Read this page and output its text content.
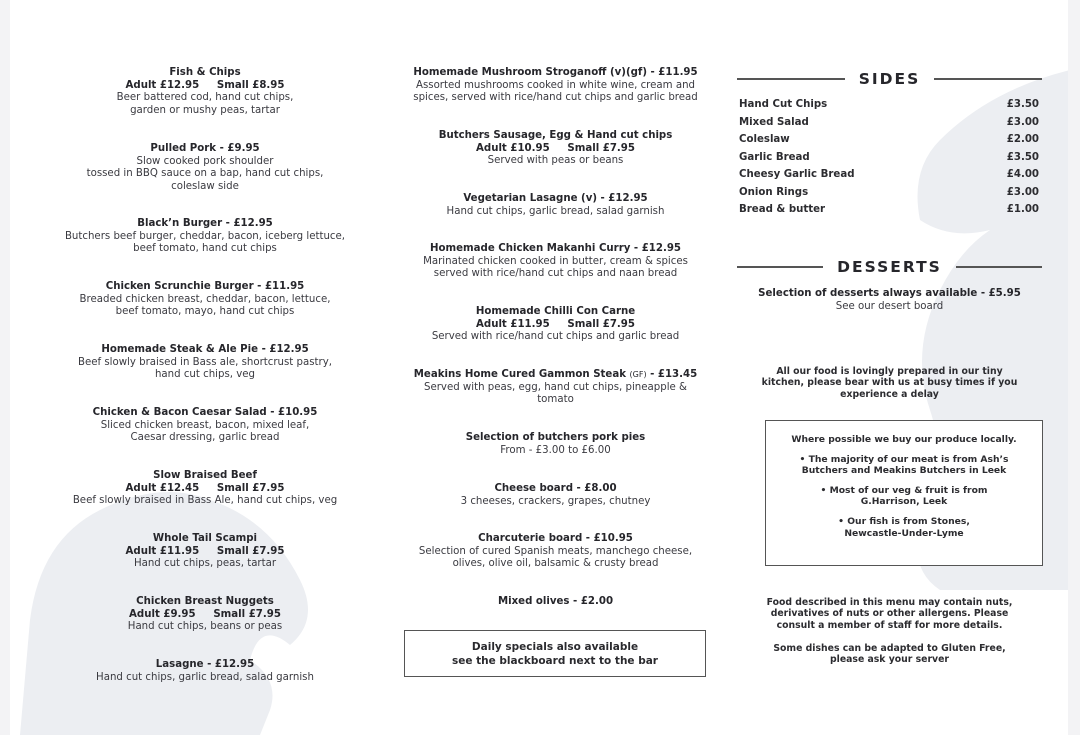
Fish & Chips
Adult £12.95     Small £8.95
Beer battered cod, hand cut chips,
garden or mushy peas, tartar
Pulled Pork - £9.95
Slow cooked pork shoulder
tossed in BBQ sauce on a bap, hand cut chips,
coleslaw side
Black’n Burger - £12.95
Butchers beef burger, cheddar, bacon, iceberg lettuce,
beef tomato, hand cut chips
Chicken Scrunchie Burger - £11.95
Breaded chicken breast, cheddar, bacon, lettuce,
beef tomato, mayo, hand cut chips
Homemade Steak & Ale Pie - £12.95
Beef slowly braised in Bass ale, shortcrust pastry,
hand cut chips, veg
Chicken & Bacon Caesar Salad - £10.95
Sliced chicken breast, bacon, mixed leaf,
Caesar dressing, garlic bread
Slow Braised Beef
Adult £12.45     Small £7.95
Beef slowly braised in Bass Ale, hand cut chips, veg
Whole Tail Scampi
Adult £11.95     Small £7.95
Hand cut chips, peas, tartar
Chicken Breast Nuggets
Adult £9.95     Small £7.95
Hand cut chips, beans or peas
Lasagne - £12.95
Hand cut chips, garlic bread, salad garnish
Homemade Mushroom Stroganoff (v)(gf) - £11.95
Assorted mushrooms cooked in white wine, cream and
spices, served with rice/hand cut chips and garlic bread
Butchers Sausage, Egg & Hand cut chips
Adult £10.95     Small £7.95
Served with peas or beans
Vegetarian Lasagne (v) - £12.95
Hand cut chips, garlic bread, salad garnish
Homemade Chicken Makanhi Curry - £12.95
Marinated chicken cooked in butter, cream & spices
served with rice/hand cut chips and naan bread
Homemade Chilli Con Carne
Adult £11.95     Small £7.95
Served with rice/hand cut chips and garlic bread
Meakins Home Cured Gammon Steak (GF) - £13.45
Served with peas, egg, hand cut chips, pineapple &
tomato
Selection of butchers pork pies
From - £3.00 to £6.00
Cheese board - £8.00
3 cheeses, crackers, grapes, chutney
Charcuterie board - £10.95
Selection of cured Spanish meats, manchego cheese,
olives, olive oil, balsamic & crusty bread
Mixed olives - £2.00
Daily specials also available
see the blackboard next to the bar
SIDES
Hand Cut Chips	£3.50
Mixed Salad	£3.00
Coleslaw	£2.00
Garlic Bread	£3.50
Cheesy Garlic Bread	£4.00
Onion Rings	£3.00
Bread & butter	£1.00
DESSERTS
Selection of desserts always available - £5.95
See our desert board
All our food is lovingly prepared in our tiny
kitchen, please bear with us at busy times if you
experience a delay

Where possible we buy our produce locally.

• The majority of our meat is from Ash’s
Butchers and Meakins Butchers in Leek

• Most of our veg & fruit is from
G.Harrison, Leek

• Our fish is from Stones,
Newcastle-Under-Lyme

Food described in this menu may contain nuts,
derivatives of nuts or other allergens. Please
consult a member of staff for more details.
Some dishes can be adapted to Gluten Free,
please ask your server
